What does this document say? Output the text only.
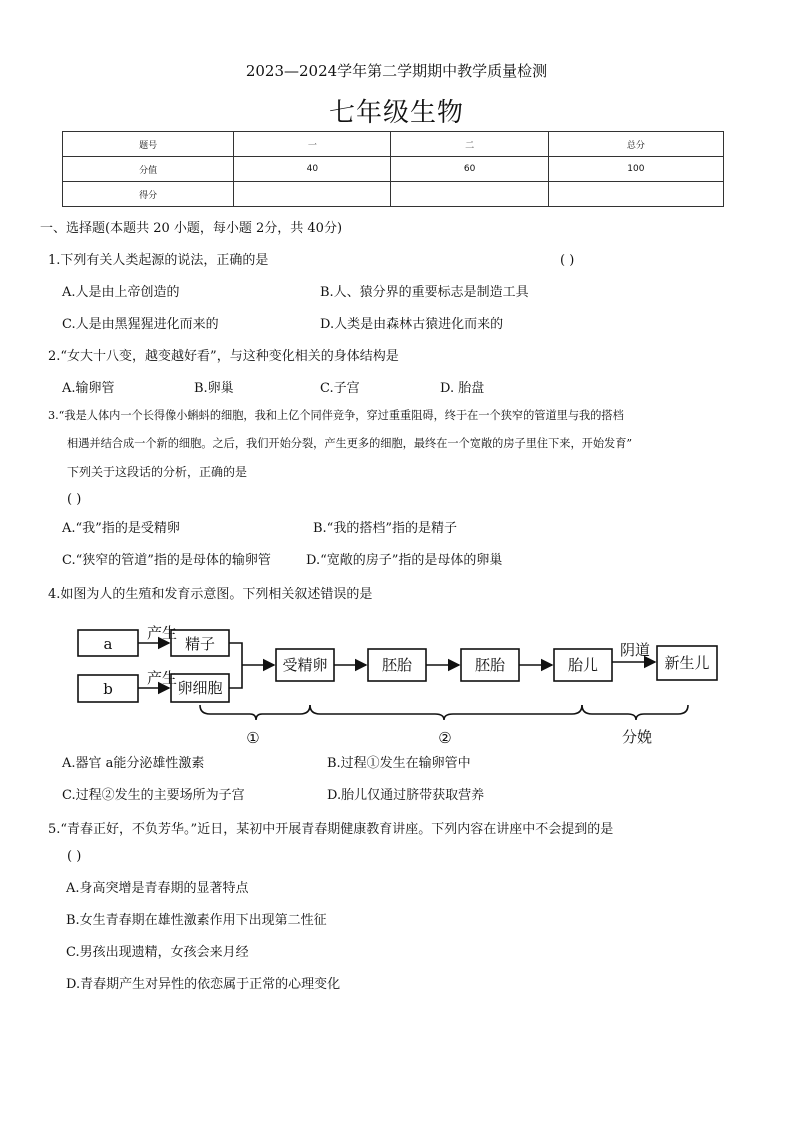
2023—2024学年第二学期期中教学质量检测
七年级生物
题号	一	二	总分
分值	40	60	100
得分			
一、选择题(本题共 20 小题，每小题 2分，共 40分)
1.下列有关人类起源的说法，正确的是	( )
A.人是由上帝创造的	B.人、猿分界的重要标志是制造工具
C.人是由黑猩猩进化而来的	D.人类是由森林古猿进化而来的
2.“女大十八变，越变越好看”，与这种变化相关的身体结构是
A.输卵管	B.卵巢	C.子宫	D. 胎盘
3.“我是人体内一个长得像小蝌蚪的细胞，我和上亿个同伴竞争，穿过重重阻碍，终于在一个狭窄的管道里与我的搭档
相遇并结合成一个新的细胞。之后，我们开始分裂，产生更多的细胞，最终在一个宽敞的房子里住下来，开始发育”
下列关于这段话的分析，正确的是
( )
A.“我”指的是受精卵	B.“我的搭档”指的是精子
C.“狭窄的管道”指的是母体的输卵管	D.“宽敞的房子”指的是母体的卵巢
4.如图为人的生殖和发育示意图。下列相关叙述错误的是
a
b
产生
产生
精子
卵细胞
受精卵	胚胎	胚胎	胎儿
阴道
新生儿
①	②	分娩
A.器官 a能分泌雄性激素	B.过程①发生在输卵管中
C.过程②发生的主要场所为子宫	D.胎儿仅通过脐带获取营养
5.“青春正好，不负芳华。”近日，某初中开展青春期健康教育讲座。下列内容在讲座中不会提到的是
( )
A.身高突增是青春期的显著特点
B.女生青春期在雄性激素作用下出现第二性征
C.男孩出现遗精，女孩会来月经
D.青春期产生对异性的依恋属于正常的心理变化
